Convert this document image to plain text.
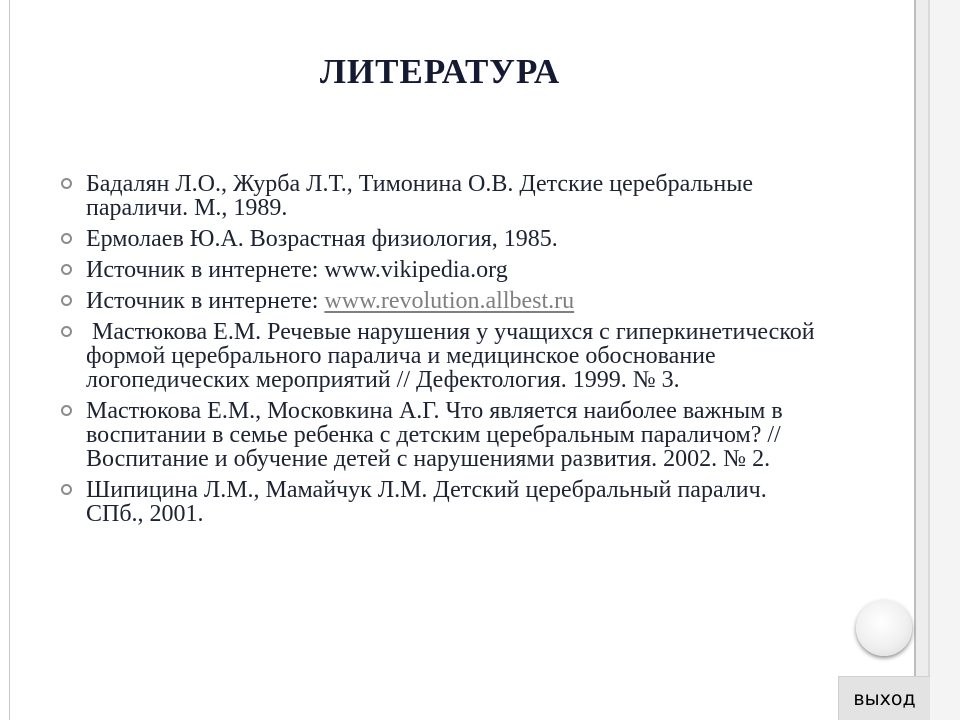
ЛИТЕРАТУРА
Бадалян Л.О., Журба Л.Т., Тимонина О.В. Детские церебральные параличи. М., 1989.
Ермолаев Ю.А. Возрастная физиология, 1985.
Источник в интернете: www.vikipedia.org
Источник в интернете: www.revolution.allbest.ru
Мастюкова Е.М. Речевые нарушения у учащихся с гиперкинетической формой церебрального паралича и медицинское обоснование логопедических мероприятий // Дефектология. 1999. № 3.
Мастюкова Е.М., Московкина А.Г. Что является наиболее важным в воспитании в семье ребенка с детским церебральным параличом? // Воспитание и обучение детей с нарушениями развития. 2002. № 2.
Шипицина Л.М., Мамайчук Л.М. Детский церебральный паралич. СПб., 2001.
выход
